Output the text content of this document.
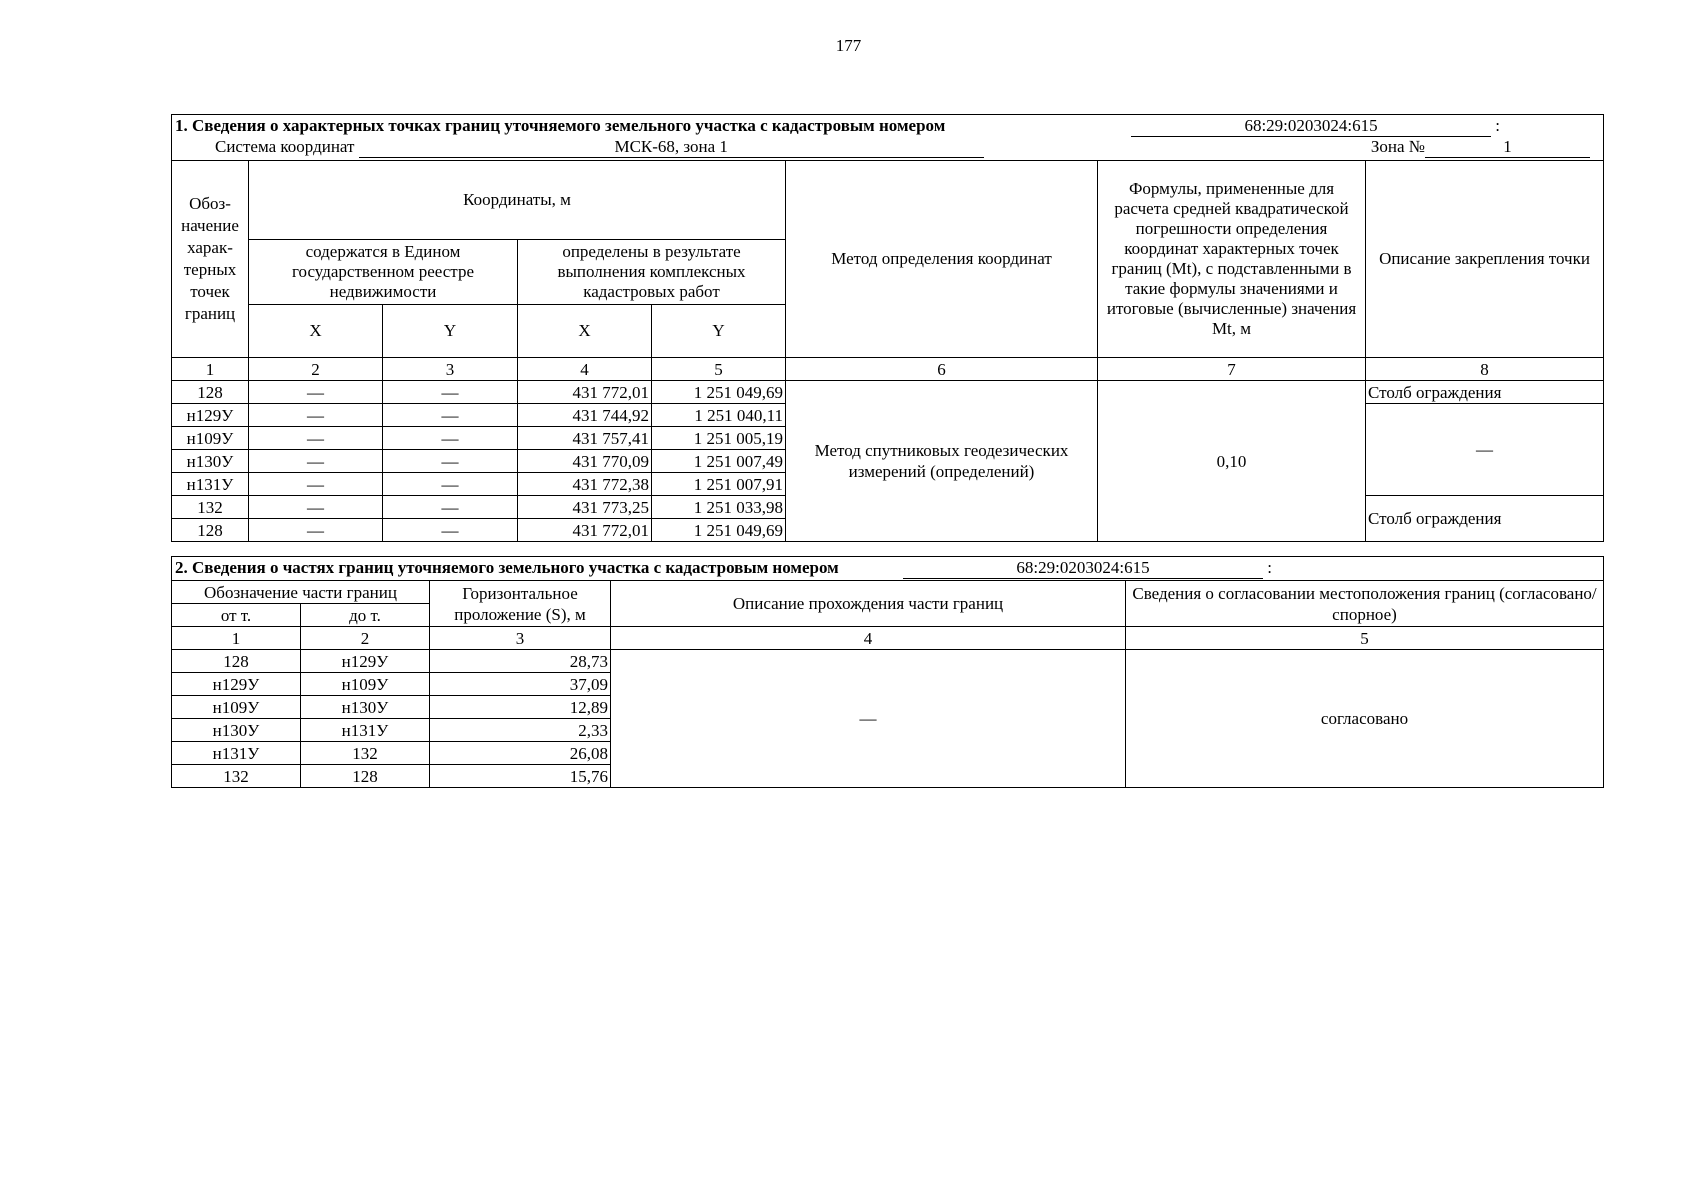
177
1. Сведения о характерных точках границ уточняемого земельного участка с кадастровым номером 68:29:0203024:615 :
Система координат МСК-68, зона 1 Зона № 1							

Обоз-начение харак-терных точек границ	Координаты, м				Метод определения координат	Формулы, примененные для расчета средней квадратической погрешности определения координат характерных точек границ (Mt), с подставленными в такие формулы значениями и итоговые (вычисленные) значения Mt, м	Описание закрепления точки
	содержатся в Едином государственном реестре недвижимости		определены в результате выполнения комплексных кадастровых работ				
	X	Y	X	Y			
1	2	3	4	5	6	7	8
128	—	—	431 772,01	1 251 049,69	Метод спутниковых геодезических измерений (определений)	0,10	Столб ограждения
н129У	—	—	431 744,92	1 251 040,11			—
н109У	—	—	431 757,41	1 251 005,19			
н130У	—	—	431 770,09	1 251 007,49			
н131У	—	—	431 772,38	1 251 007,91			
132	—	—	431 773,25	1 251 033,98			Столб ограждения
128	—	—	431 772,01	1 251 049,69			
2. Сведения о частях границ уточняемого земельного участка с кадастровым номером 68:29:0203024:615 :				
Обозначение части границ		Горизонтальное проложение (S), м	Описание прохождения части границ	Сведения о согласовании местоположения границ (согласовано/спорное)
от т.	до т.			
1	2	3	4	5
128	н129У	28,73	—	согласовано
н129У	н109У	37,09		
н109У	н130У	12,89		
н130У	н131У	2,33		
н131У	132	26,08		
132	128	15,76		
